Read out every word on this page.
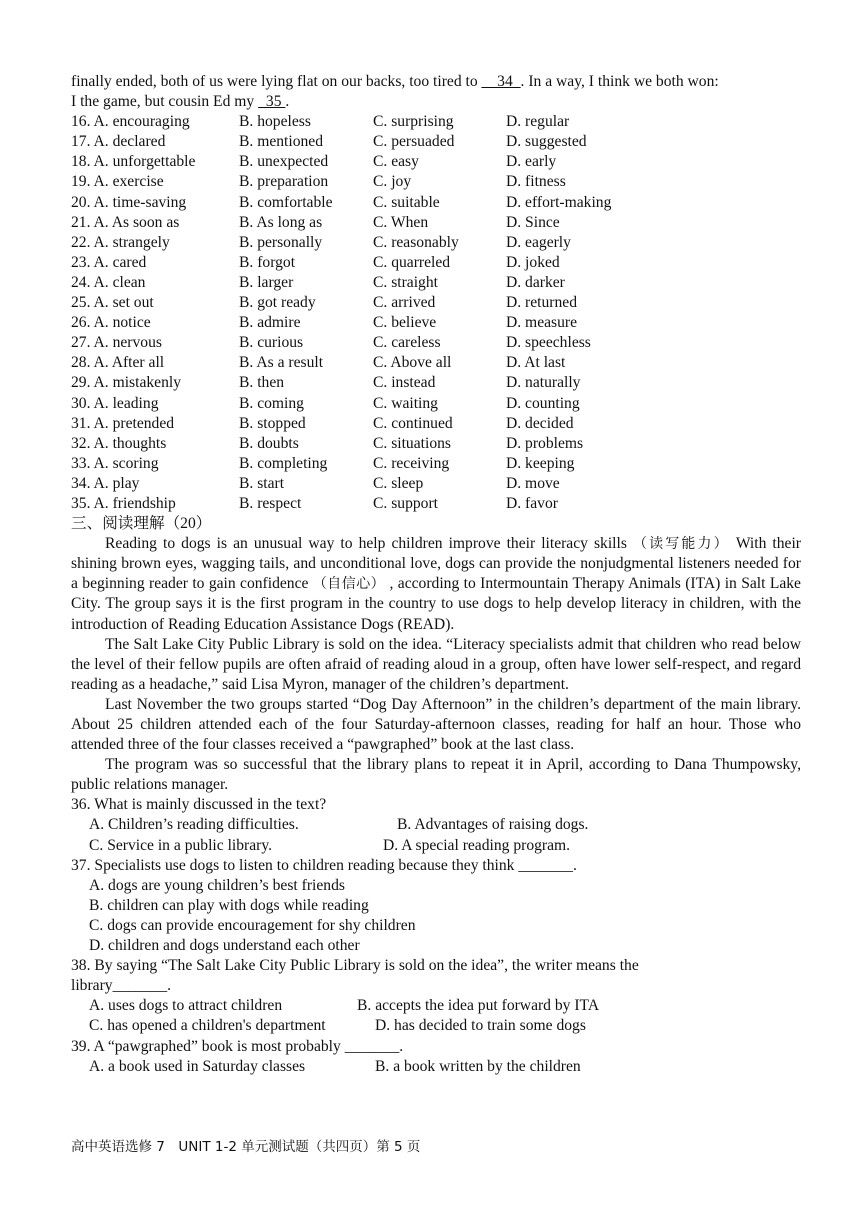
finally ended, both of us were lying flat on our backs, too tired to __34_. In a way, I think we both won:
I the game, but cousin Ed my   35 .
16. A. encouraging	B. hopeless	C. surprising	D. regular
17. A. declared	B. mentioned	C. persuaded	D. suggested
18. A. unforgettable	B. unexpected	C. easy	D. early
19. A. exercise	B. preparation	C. joy	D. fitness
20. A. time-saving	B. comfortable	C. suitable	D. effort-making
21. A. As soon as	B. As long as	C. When	D. Since
22. A. strangely	B. personally	C. reasonably	D. eagerly
23. A. cared	B. forgot	C. quarreled	D. joked
24. A. clean	B. larger	C. straight	D. darker
25. A. set out	B. got ready	C. arrived	D. returned
26. A. notice	B. admire	C. believe	D. measure
27. A. nervous	B. curious	C. careless	D. speechless
28. A. After all	B. As a result	C. Above all	D. At last
29. A. mistakenly	B. then	C. instead	D. naturally
30. A. leading	B. coming	C. waiting	D. counting
31. A. pretended	B. stopped	C. continued	D. decided
32. A. thoughts	B. doubts	C. situations	D. problems
33. A. scoring	B. completing	C. receiving	D. keeping
34. A. play	B. start	C. sleep	D. move
35. A. friendship	B. respect	C. support	D. favor
三、阅读理解（20）
Reading to dogs is an unusual way to help children improve their literacy skills （读写能力） With their shining brown eyes, wagging tails, and unconditional love, dogs can provide the nonjudgmental listeners needed for a beginning reader to gain confidence （自信心） , according to Intermountain Therapy Animals (ITA) in Salt Lake City. The group says it is the first program in the country to use dogs to help develop literacy in children, with the introduction of Reading Education Assistance Dogs (READ).
The Salt Lake City Public Library is sold on the idea. “Literacy specialists admit that children who read below the level of their fellow pupils are often afraid of reading aloud in a group, often have lower self-respect, and regard reading as a headache,” said Lisa Myron, manager of the children’s department.
Last November the two groups started “Dog Day Afternoon” in the children’s department of the main library. About 25 children attended each of the four Saturday-afternoon classes, reading for half an hour. Those who attended three of the four classes received a “pawgraphed” book at the last class.
The program was so successful that the library plans to repeat it in April, according to Dana Thumpowsky, public relations manager.
36. What is mainly discussed in the text?
A. Children’s reading difficulties.	B. Advantages of raising dogs.
C. Service in a public library.	D. A special reading program.
37. Specialists use dogs to listen to children reading because they think _______.
A. dogs are young children’s best friends
B. children can play with dogs while reading
C. dogs can provide encouragement for shy children
D. children and dogs understand each other
38. By saying “The Salt Lake City Public Library is sold on the idea”, the writer means the
library_______.
A. uses dogs to attract children	B. accepts the idea put forward by ITA
C. has opened a children's department	D. has decided to train some dogs
39. A “pawgraphed” book is most probably _______.
A. a book used in Saturday classes	B. a book written by the children
高中英语选修 7　UNIT 1-2 单元测试题（共四页）第 5 页
